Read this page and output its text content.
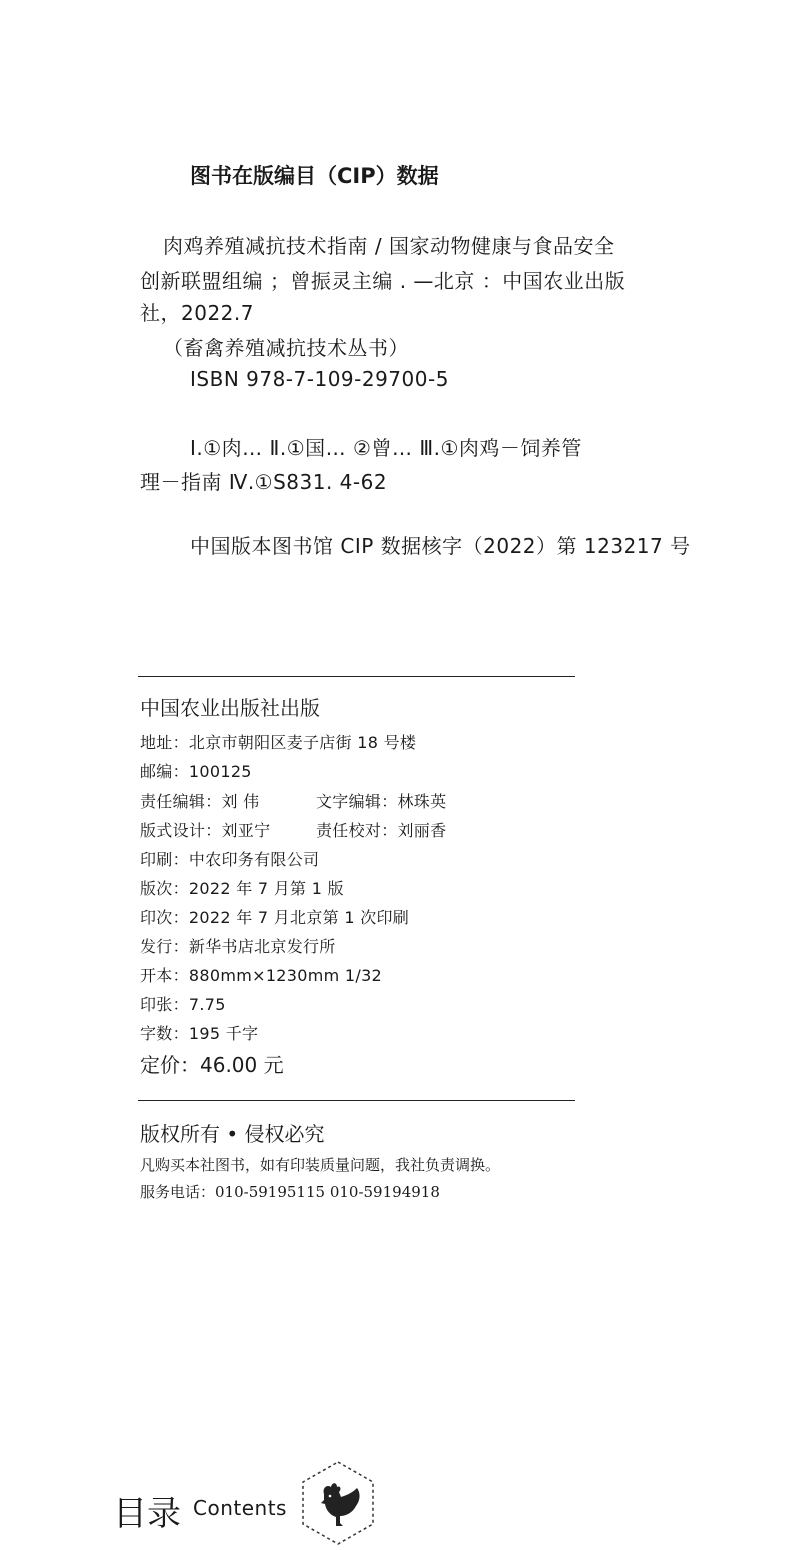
图书在版编目（CIP）数据
肉鸡养殖减抗技术指南 / 国家动物健康与食品安全
创新联盟组编 ；曾振灵主编 . —北京 ：中国农业出版
社，2022.7
（畜禽养殖减抗技术丛书）
ISBN 978-7-109-29700-5
Ⅰ.①肉… Ⅱ.①国… ②曾… Ⅲ.①肉鸡－饲养管
理－指南 Ⅳ.①S831. 4-62
中国版本图书馆 CIP 数据核字（2022）第 123217 号
中国农业出版社出版
地址：北京市朝阳区麦子店街 18 号楼
邮编：100125
责任编辑：刘 伟	文字编辑：林珠英
版式设计：刘亚宁	责任校对：刘丽香
印刷：中农印务有限公司
版次：2022 年 7 月第 1 版
印次：2022 年 7 月北京第 1 次印刷
发行：新华书店北京发行所
开本：880mm×1230mm 1/32
印张：7.75
字数：195 千字
定价：46.00 元
版权所有 • 侵权必究
凡购买本社图书，如有印装质量问题，我社负责调换。
服务电话：010-59195115 010-59194918
目录 Contents
